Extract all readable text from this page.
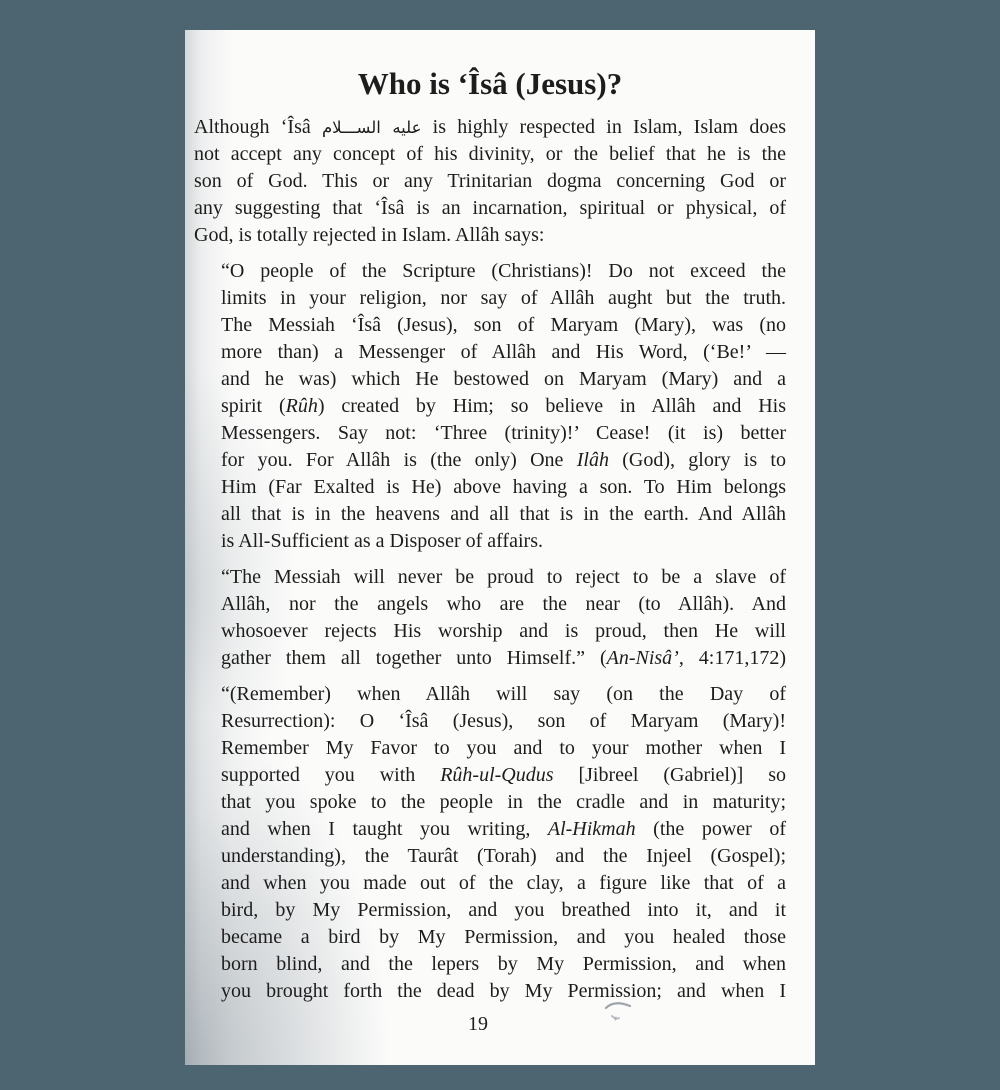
Who is ‘Îsâ (Jesus)?
Although ‘Îsâ عليه الســـلام is highly respected in Islam, Islam does
not accept any concept of his divinity, or the belief that he is the
son of God. This or any Trinitarian dogma concerning God or
any suggesting that ‘Îsâ is an incarnation, spiritual or physical, of
God, is totally rejected in Islam. Allâh says:
“O people of the Scripture (Christians)! Do not exceed the
limits in your religion, nor say of Allâh aught but the truth.
The Messiah ‘Îsâ (Jesus), son of Maryam (Mary), was (no
more than) a Messenger of Allâh and His Word, (‘Be!’ —
and he was) which He bestowed on Maryam (Mary) and a
spirit (Rûh) created by Him; so believe in Allâh and His
Messengers. Say not: ‘Three (trinity)!’ Cease! (it is) better
for you. For Allâh is (the only) One Ilâh (God), glory is to
Him (Far Exalted is He) above having a son. To Him belongs
all that is in the heavens and all that is in the earth. And Allâh
is All-Sufficient as a Disposer of affairs.
“The Messiah will never be proud to reject to be a slave of
Allâh, nor the angels who are the near (to Allâh). And
whosoever rejects His worship and is proud, then He will
gather them all together unto Himself.” (An-Nisâ’, 4:171,172)
“(Remember) when Allâh will say (on the Day of
Resurrection): O ‘Îsâ (Jesus), son of Maryam (Mary)!
Remember My Favor to you and to your mother when I
supported you with Rûh-ul-Qudus [Jibreel (Gabriel)] so
that you spoke to the people in the cradle and in maturity;
and when I taught you writing, Al-Hikmah (the power of
understanding), the Taurât (Torah) and the Injeel (Gospel);
and when you made out of the clay, a figure like that of a
bird, by My Permission, and you breathed into it, and it
became a bird by My Permission, and you healed those
born blind, and the lepers by My Permission, and when
you brought forth the dead by My Permission; and when I
19
